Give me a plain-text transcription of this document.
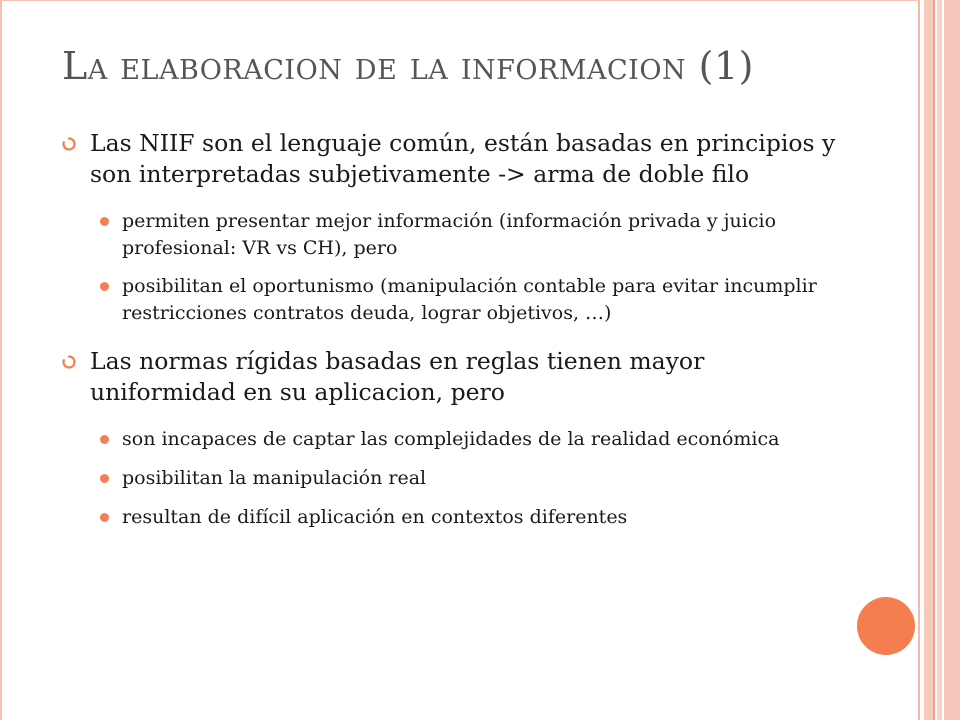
La elaboracion de la informacion (1)
Las NIIF son el lenguaje común, están basadas en principios y son interpretadas subjetivamente -> arma de doble filo
permiten presentar mejor información (información privada y juicio profesional: VR vs CH), pero
posibilitan el oportunismo (manipulación contable para evitar incumplir restricciones contratos deuda, lograr objetivos, …)
Las normas rígidas basadas en reglas tienen mayor uniformidad en su aplicacion, pero
son incapaces de captar las complejidades de la realidad económica
posibilitan la manipulación real
resultan de difícil aplicación en contextos diferentes
